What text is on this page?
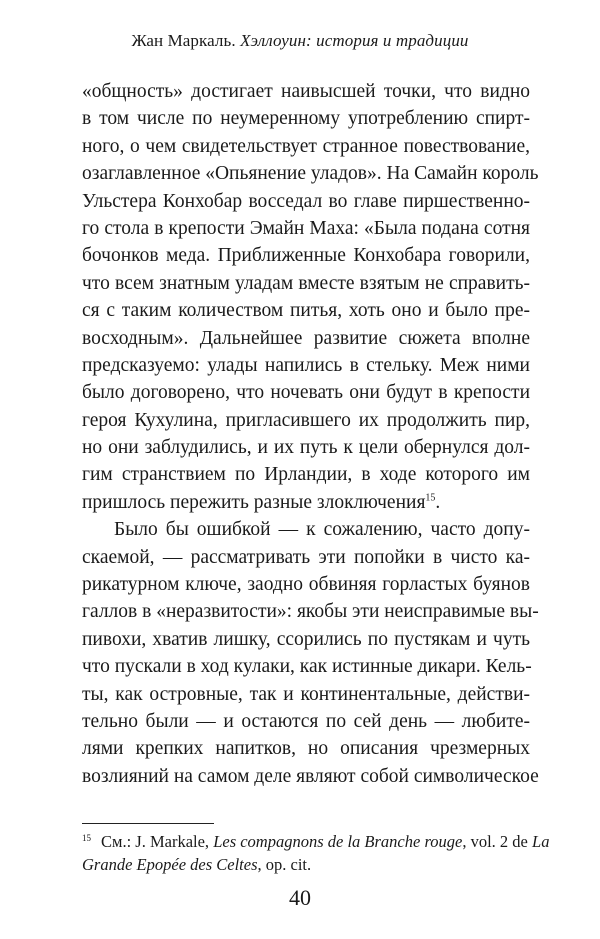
Жан Маркаль. Хэллоуин: история и традиции
«общность» достигает наивысшей точки, что видно
в том числе по неумеренному употреблению спирт-
ного, о чем свидетельствует странное повествование,
озаглавленное «Опьянение уладов». На Самайн король
Ульстера Конхобар восседал во главе пиршественно-
го стола в крепости Эмайн Маха: «Была подана сотня
бочонков меда. Приближенные Конхобара говорили,
что всем знатным уладам вместе взятым не справить-
ся с таким количеством питья, хоть оно и было пре-
восходным». Дальнейшее развитие сюжета вполне
предсказуемо: улады напились в стельку. Меж ними
было договорено, что ночевать они будут в крепости
героя Кухулина, пригласившего их продолжить пир,
но они заблудились, и их путь к цели обернулся дол-
гим странствием по Ирландии, в ходе которого им
пришлось пережить разные злоключения$^{15}$.
Было бы ошибкой — к сожалению, часто допу-
скаемой, — рассматривать эти попойки в чисто ка-
рикатурном ключе, заодно обвиняя горластых буянов
галлов в «неразвитости»: якобы эти неисправимые вы-
пивохи, хватив лишку, ссорились по пустякам и чуть
что пускали в ход кулаки, как истинные дикари. Кель-
ты, как островные, так и континентальные, действи-
тельно были — и остаются по сей день — любите-
лями крепких напитков, но описания чрезмерных
возлияний на самом деле являют собой символическое
$^{15}$ См.: J. Markale, Les compagnons de la Branche rouge, vol. 2 de La
Grande Epopée des Celtes, op. cit.
40
